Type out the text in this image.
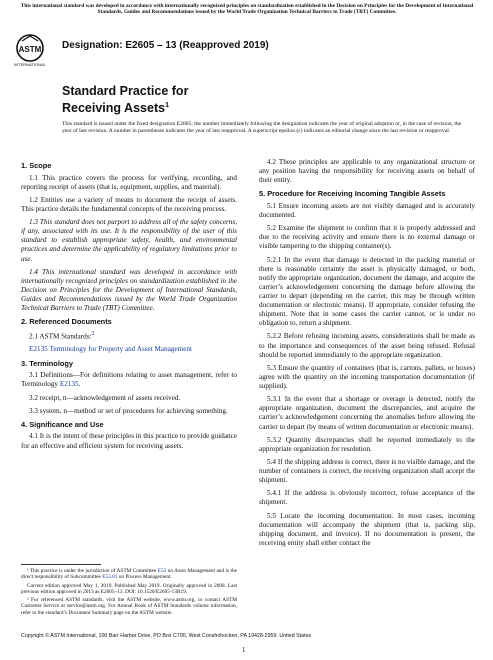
This international standard was developed in accordance with internationally recognized principles on standardization established in the Decision on Principles for the Development of International Standards, Guides and Recommendations issued by the World Trade Organization Technical Barriers to Trade (TBT) Committee.
ASTM
INTERNATIONAL
Designation: E2605 – 13 (Reapproved 2019)
Standard Practice for
Receiving Assets$^1$
This standard is issued under the fixed designation E2605; the number immediately following the designation indicates the year of original adoption or, in the case of revision, the year of last revision. A number in parentheses indicates the year of last reapproval. A superscript epsilon (ε) indicates an editorial change since the last revision or reapproval.
1. Scope

1.1 This practice covers the process for verifying, recording, and reporting receipt of assets (that is, equipment, supplies, and material).

1.2 Entities use a variety of means to document the receipt of assets. This practice details the fundamental concepts of the receiving process.

1.3 This standard does not purport to address all of the safety concerns, if any, associated with its use. It is the responsibility of the user of this standard to establish appropriate safety, health, and environmental practices and determine the applicability of regulatory limitations prior to use.

1.4 This international standard was developed in accordance with internationally recognized principles on standardization established in the Decision on Principles for the Development of International Standards, Guides and Recommendations issued by the World Trade Organization Technical Barriers to Trade (TBT) Committee.

2. Referenced Documents

2.1 ASTM Standards:$^2$

E2135 Terminology for Property and Asset Management

3. Terminology

3.1 Definitions—For definitions relating to asset management, refer to Terminology E2135.

3.2 receipt, n—acknowledgement of assets received.

3.3 system, n—method or set of procedures for achieving something.

4. Significance and Use

4.1 It is the intent of these principles in this practice to provide guidance for an effective and efficient system for receiving assets.

4.2 These principles are applicable to any organizational structure or any position having the responsibility for receiving assets on behalf of their entity.

5. Procedure for Receiving Incoming Tangible Assets

5.1 Ensure incoming assets are not visibly damaged and is accurately documented.

5.2 Examine the shipment to confirm that it is properly addressed and due to the receiving activity and ensure there is no external damage or visible tampering to the shipping container(s).

5.2.1 In the event that damage is detected in the packing material or there is reasonable certainty the asset is physically damaged, or both, notify the appropriate organization, document the damage, and acquire the carrier’s acknowledgement concerning the damage before allowing the carrier to depart (depending on the carrier, this may be through written documentation or electronic means). If appropriate, consider refusing the shipment. Note that in some cases the carrier cannot, or is under no obligation to, return a shipment.

5.2.2 Before refusing incoming assets, considerations shall be made as to the importance and consequences of the asset being refused. Refusal should be reported immediately to the appropriate organization.

5.3 Ensure the quantity of containers (that is, cartons, pallets, or boxes) agree with the quantity on the incoming transportation documentation (if supplied).

5.3.1 In the event that a shortage or overage is detected, notify the appropriate organization, document the discrepancies, and acquire the carrier’s acknowledgement concerning the anomalies before allowing the carrier to depart (by means of written documentation or electronic means).

5.3.2 Quantity discrepancies shall be reported immediately to the appropriate organization for resolution.

5.4 If the shipping address is correct, there is no visible damage, and the number of containers is correct, the receiving organization shall accept the shipment.

5.4.1 If the address is obviously incorrect, refuse acceptance of the shipment.

5.5 Locate the incoming documentation. In most cases, incoming documentation will accompany the shipment (that is, packing slip, shipping document, and invoice). If no documentation is present, the receiving entity shall either contact the

¹ This practice is under the jurisdiction of ASTM Committee E53 on Asset Management and is the direct responsibility of Subcommittee E53.01 on Process Management.

Current edition approved May 1, 2019. Published May 2019. Originally approved in 2008. Last previous edition approved in 2013 as E2605–13. DOI: 10.1520/E2605-13R19.

² For referenced ASTM standards, visit the ASTM website, www.astm.org, or contact ASTM Customer Service at service@astm.org. For Annual Book of ASTM Standards volume information, refer to the standard’s Document Summary page on the ASTM website.

Copyright © ASTM International, 100 Barr Harbor Drive, PO Box C700, West Conshohocken, PA 19428-2959. United States
1
